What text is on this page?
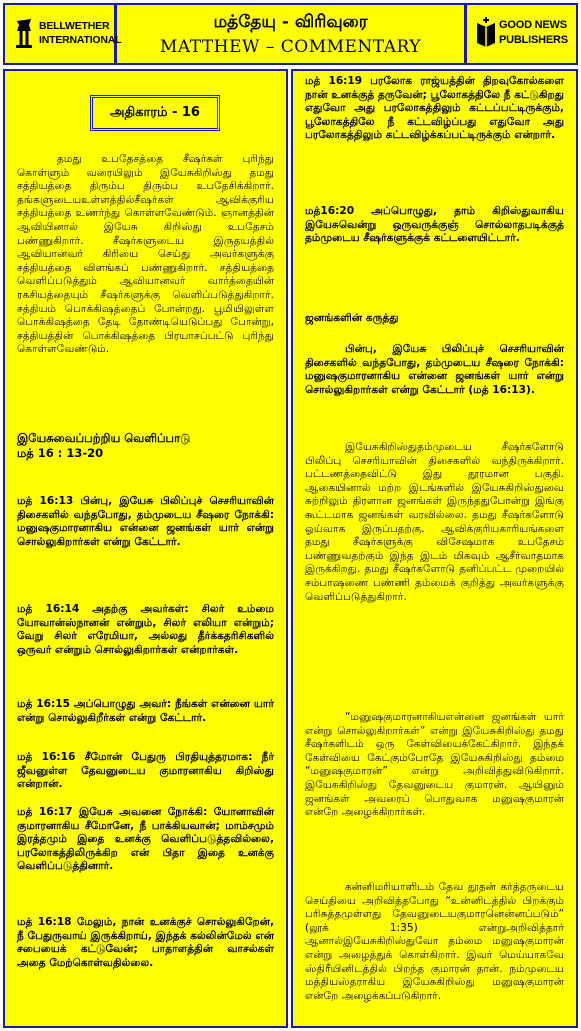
BELLWETHER INTERNATIONAL
மத்தேயு - விரிவுரை
MATTHEW – COMMENTARY
GOOD NEWS PUBLISHERS
அதிகாரம் - 16

தமது உபதேசத்தை சீஷர்கள் புரிந்து கொள்ளும் வரையிலும் இயேசுகிறிஸ்து தமது சத்தியத்தை திரும்ப திரும்ப உபதேசிக்கிறார். தங்களுடையஉள்ளத்தில்சீஷர்கள் ஆவிக்குரிய சத்தியத்தை உணர்ந்து கொள்ளவேண்டும். ஞானத்தின் ஆவியினால் இயேசு கிறிஸ்து உபதேசம் பண்ணுகிறார். சீஷர்களுடைய இருதயத்தில் ஆவியானவர் கிரியை செய்து அவர்களுக்கு சத்தியத்தை விளங்கப் பண்ணுகிறார். சத்தியத்தை வெளிப்படுத்தும் ஆவியானவர் வார்த்தையின் ரகசியத்தையும் சீஷர்களுக்கு வெளிப்படுத்துகிறார். சத்தியம் பொக்கிஷத்தைப் போன்றது. பூமியிலுள்ள பொக்கிஷத்தை தேடி தோண்டியெடுப்பது போன்று, சத்தியத்தின் பொக்கிஷத்தை பிரயாசப்பட்டு புரிந்து கொள்ளவேண்டும்.

இயேசுவைப்பற்றிய வெளிப்பாடு

மத் 16 : 13-20

மத் 16:13 பின்பு, இயேசு பிலிப்புச் செசரியாவின் திசைகளில் வந்தபோது, தம்முடைய சீஷரை நோக்கி: மனுஷகுமாரனாகிய என்னை ஜனங்கள் யார் என்று சொல்லுகிறார்கள் என்று கேட்டார்.

மத் 16:14 அதற்கு அவர்கள்: சிலர் உம்மை யோவான்ஸ்நானன் என்றும், சிலர் எலியா என்றும்; வேறு சிலர் எரேமியா, அல்லது தீர்க்கதரிசிகளில் ஒருவர் என்றும் சொல்லுகிறார்கள் என்றார்கள்.

மத் 16:15 அப்பொழுது அவர்: நீங்கள் என்னை யார் என்று சொல்லுகிறீர்கள் என்று கேட்டார்.

மத் 16:16 சீமோன் பேதுரு பிரதியுத்தரமாக: நீர் ஜீவனுள்ள தேவனுடைய குமாரனாகிய கிறிஸ்து என்றான்.

மத் 16:17 இயேசு அவனை நோக்கி: யோனாவின் குமாரனாகிய சீமோனே, நீ பாக்கியவான்; மாம்சமும் இரத்தமும் இதை உனக்கு வெளிப்படுத்தவில்லை, பரலோகத்திலிருக்கிற என் பிதா இதை உனக்கு வெளிப்படுத்தினார்.

மத் 16:18 மேலும், நான் உனக்குச் சொல்லுகிறேன், நீ பேதுருவாய் இருக்கிறாய், இந்தக் கல்லின்மேல் என் சபையைக் கட்டுவேன்; பாதாளத்தின் வாசல்கள் அதை மேற்கொள்வதில்லை.

மத் 16:19 பரலோக ராஜ்யத்தின் திறவுகோல்களை நான் உனக்குத் தருவேன்; பூலோகத்திலே நீ கட்டுகிறது எதுவோ அது பரலோகத்திலும் கட்டப்பட்டிருக்கும், பூலோகத்திலே நீ கட்டவிழ்ப்பது எதுவோ அது பரலோகத்திலும் கட்டவிழ்க்கப்பட்டிருக்கும் என்றார்.

மத்16:20 அப்பொழுது, தாம் கிறிஸ்துவாகிய இயேசுவென்று ஒருவருக்குஞ் சொல்லாதபடிக்குத் தம்முடைய சீஷர்களுக்குக் கட்டளையிட்டார்.

ஜனங்களின் கருத்து

பின்பு, இயேசு பிலிப்புச் செசரியாவின் திசைகளில் வந்தபோது, தம்முடைய சீஷரை நோக்கி: மனுஷகுமாரனாகிய என்னை ஜனங்கள் யார் என்று சொல்லுகிறார்கள் என்று கேட்டார் (மத் 16:13).

இயேசுகிறிஸ்துதம்முடைய சீஷர்களோடு பிலிப்பு செசரியாவின் திசைகளில் வந்திருக்கிறார். பட்டணத்தைவிட்டு இது தூரமான பகுதி. ஆகையினால் மற்ற இடங்களில் இயேசுகிறிஸ்துவை சுற்றிலும் திரளான ஜனங்கள் இருந்ததுபோன்று இங்கு கூட்டமாக ஜனங்கள் வரவில்லை. தமது சீஷர்களோடு ஓய்வாக இருப்பதற்கு. ஆவிக்குரியகாரியங்களை தமது சீஷர்களுக்கு விசேஷமாக உபதேசம் பண்ணுவதற்கும் இந்த இடம் மிகவும் ஆசீர்வாதமாக இருக்கிறது. தமது சீஷர்களோடு தனிப்பட்ட முறையில் சம்பாஷணை பண்ணி தம்மைக் குறித்து அவர்களுக்கு வெளிப்படுத்துகிறார்.

“மனுஷகுமாரனாகியஎன்னை ஜனங்கள் யார் என்று சொல்லுகிறார்கள்” என்று இயேசுகிறிஸ்து தமது சீஷர்களிடம் ஒரு கேள்வியைக்கேட்கிறார். இந்தக் கேள்வியை கேட்கும்போதே இயேசுகிறிஸ்து தம்மை “மனுஷகுமாரன்” என்று அறிவித்துவிடுகிறார். இயேசுகிறிஸ்து தேவனுடைய குமாரன். ஆயினும் ஜனங்கள் அவரைப் பொதுவாக மனுஷகுமாரன் என்றே அழைக்கிறார்கள்.

கன்னிமரியாளிடம் தேவ தூதன் கர்த்தருடைய செய்தியை அறிவித்தபோது “உன்னிடத்தில் பிறக்கும் பரிசுத்தமுள்ளது தேவனுடையகுமாரனென்னப்படும்” (லூக் 1:35) என்றுஅறிவித்தார் ஆனால்இயேசுகிறிஸ்துவோ தம்மை மனுஷகுமாரன் என்று அழைத்துக் கொள்கிறார். இவர் மெய்யாகவே ஸ்திரீயினிடத்தில் பிறந்த குமாரன் தான். நம்முடைய மத்தியஸ்தராகிய இயேசுகிறிஸ்து மனுஷகுமாரன் என்றே அழைக்கப்படுகிறார்.
